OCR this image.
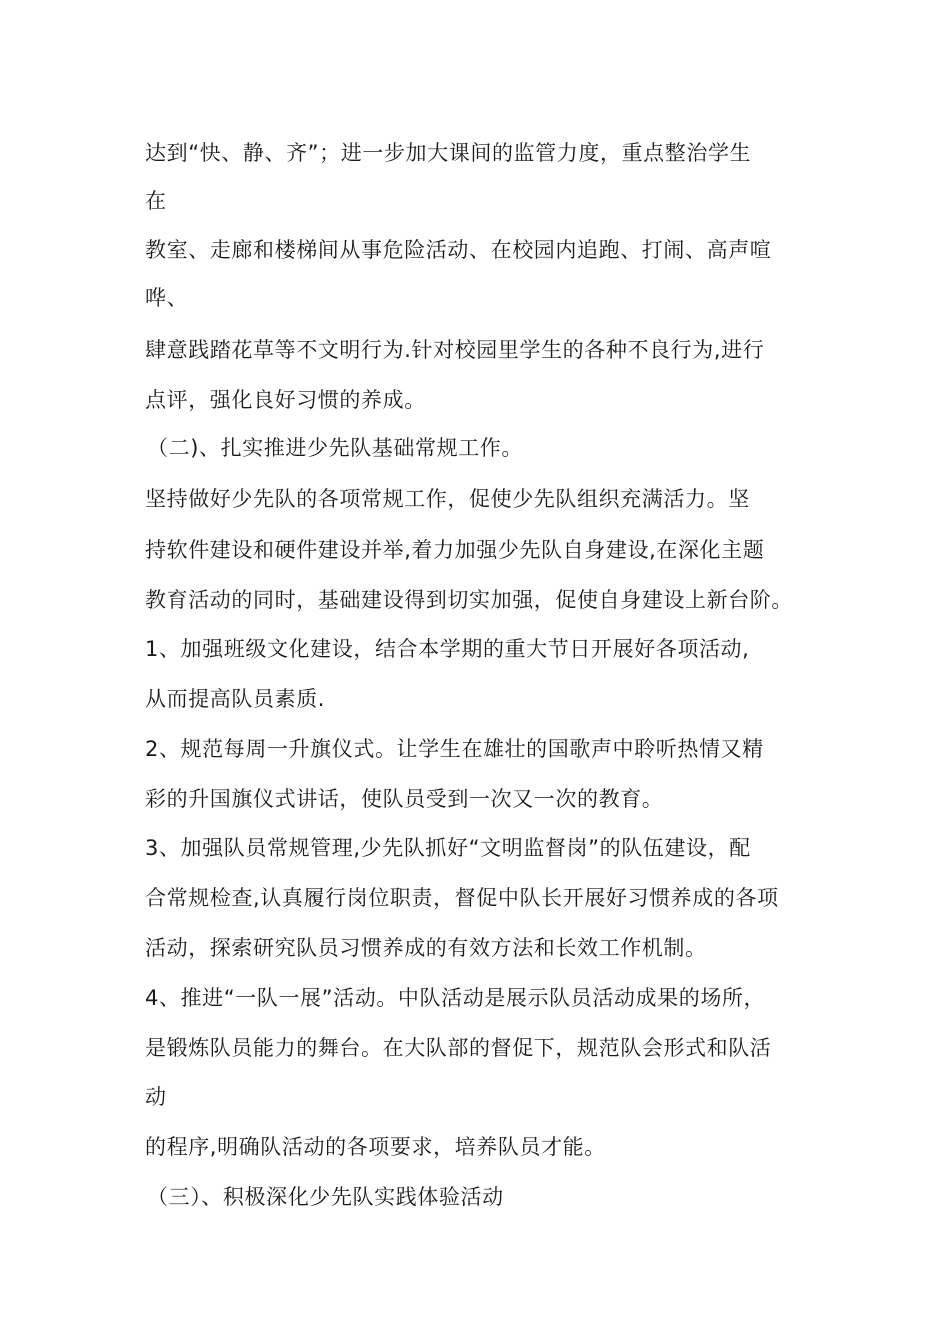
达到“快、静、齐”；进一步加大课间的监管力度，重点整治学生
在
教室、走廊和楼梯间从事危险活动、在校园内追跑、打闹、高声喧
哗、
肆意践踏花草等不文明行为.针对校园里学生的各种不良行为,进行
点评，强化良好习惯的养成。
（二)、扎实推进少先队基础常规工作。
坚持做好少先队的各项常规工作，促使少先队组织充满活力。坚
持软件建设和硬件建设并举,着力加强少先队自身建设,在深化主题
教育活动的同时，基础建设得到切实加强，促使自身建设上新台阶。
1、加强班级文化建设，结合本学期的重大节日开展好各项活动,
从而提高队员素质.
2、规范每周一升旗仪式。让学生在雄壮的国歌声中聆听热情又精
彩的升国旗仪式讲话，使队员受到一次又一次的教育。
3、加强队员常规管理,少先队抓好“文明监督岗”的队伍建设，配
合常规检查,认真履行岗位职责，督促中队长开展好习惯养成的各项
活动，探索研究队员习惯养成的有效方法和长效工作机制。
4、推进“一队一展”活动。中队活动是展示队员活动成果的场所，
是锻炼队员能力的舞台。在大队部的督促下，规范队会形式和队活
动
的程序,明确队活动的各项要求，培养队员才能。
（三）、积极深化少先队实践体验活动
